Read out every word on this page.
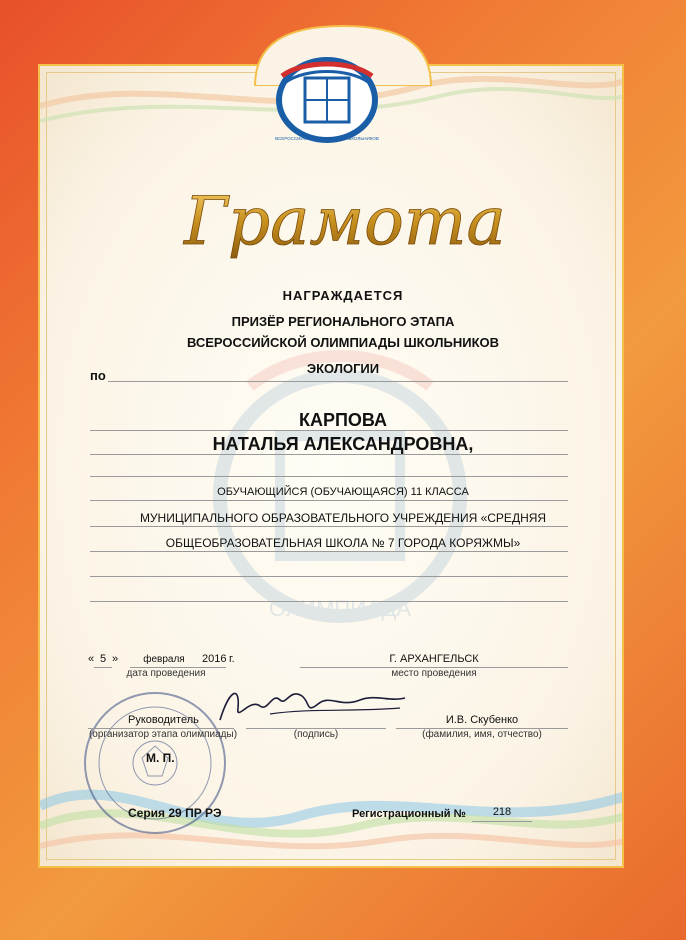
ОЛИМПИАДА
ВСЕРОССИЙСКАЯ ОЛИМПИАДА ШКОЛЬНИКОВ
Грамота
НАГРАЖДАЕТСЯ
ПРИЗЁР РЕГИОНАЛЬНОГО ЭТАПА
ВСЕРОССИЙСКОЙ ОЛИМПИАДЫ ШКОЛЬНИКОВ
по	ЭКОЛОГИИ
КАРПОВА
НАТАЛЬЯ АЛЕКСАНДРОВНА,
ОБУЧАЮЩИЙСЯ (ОБУЧАЮЩАЯСЯ) 11 КЛАССА
МУНИЦИПАЛЬНОГО ОБРАЗОВАТЕЛЬНОГО УЧРЕЖДЕНИЯ «СРЕДНЯЯ
ОБЩЕОБРАЗОВАТЕЛЬНАЯ ШКОЛА № 7 ГОРОДА КОРЯЖМЫ»
« 5 »	февраля	2016 г.
дата проведения
Г. АРХАНГЕЛЬСК
место проведения
Руководитель
(организатор этапа олимпиады)	(подпись)
И.В. Скубенко
(фамилия, имя, отчество)
М. П.
Серия 29 ПР РЭ	Регистрационный №	218
